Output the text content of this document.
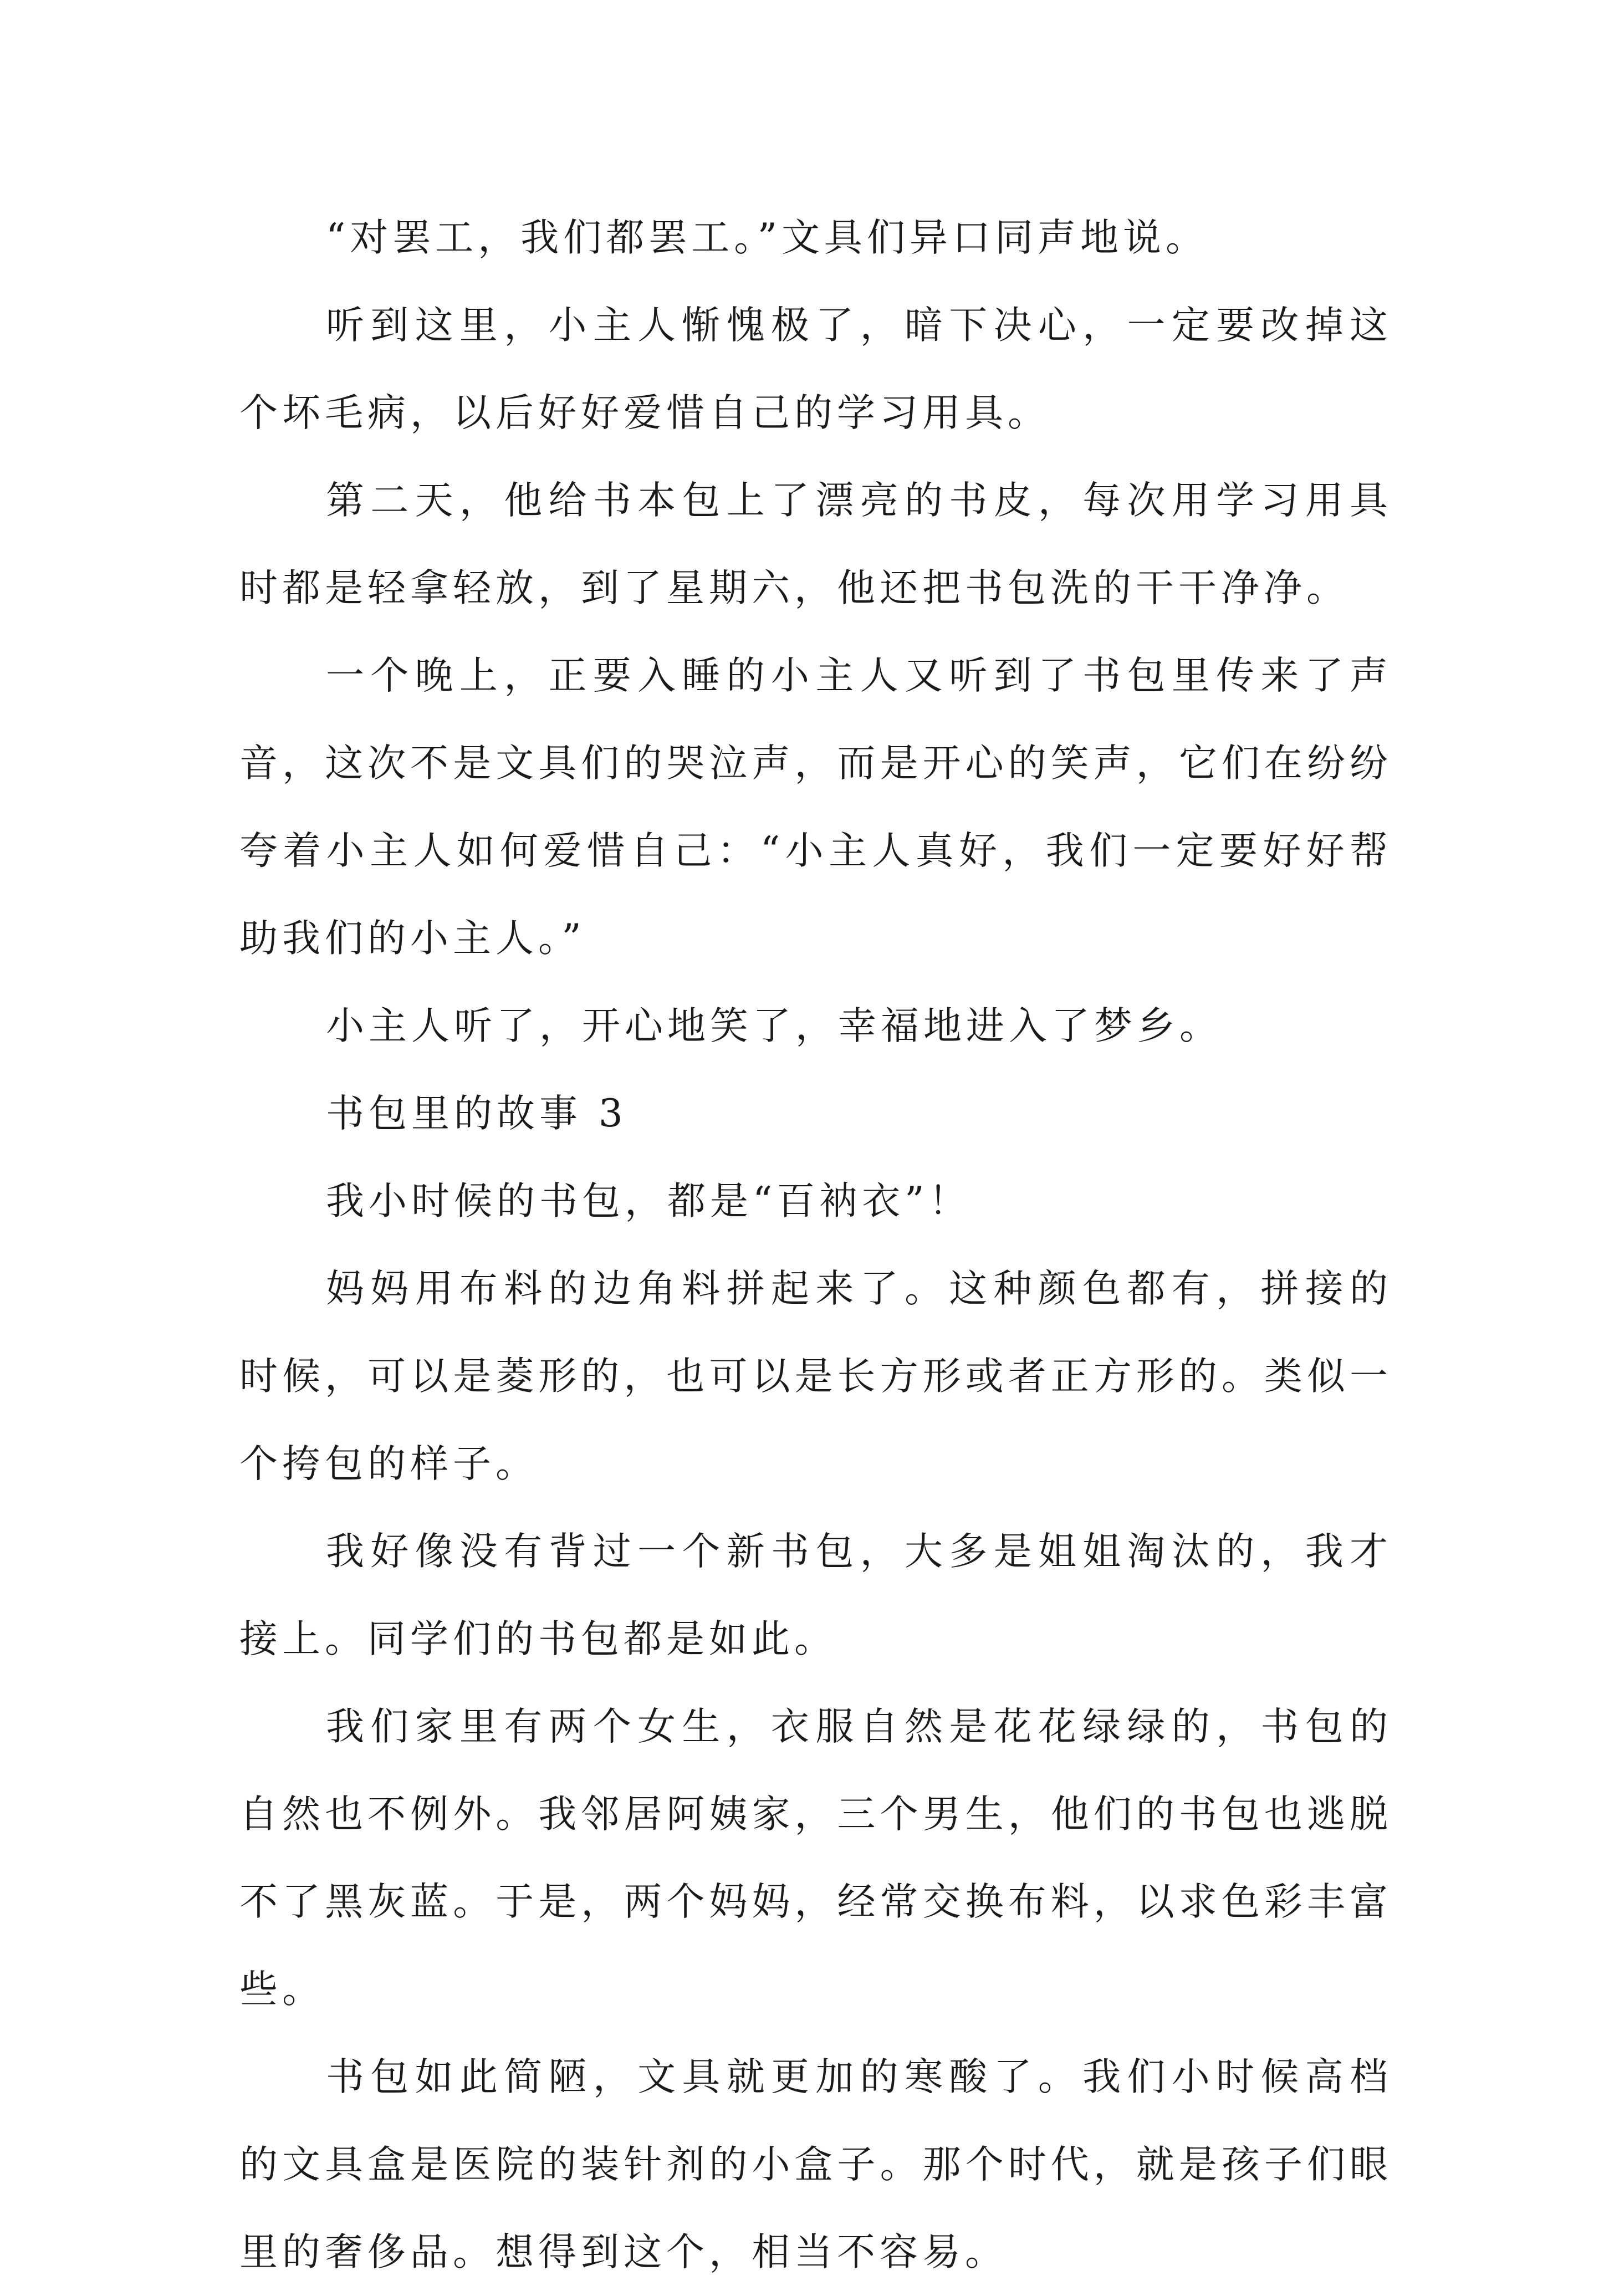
“对罢工，我们都罢工。”文具们异口同声地说。

听到这里，小主人惭愧极了，暗下决心，一定要改掉这个坏毛病，以后好好爱惜自己的学习用具。

第二天，他给书本包上了漂亮的书皮，每次用学习用具时都是轻拿轻放，到了星期六，他还把书包洗的干干净净。

一个晚上，正要入睡的小主人又听到了书包里传来了声音，这次不是文具们的哭泣声，而是开心的笑声，它们在纷纷夸着小主人如何爱惜自己：“小主人真好，我们一定要好好帮助我们的小主人。”

小主人听了，开心地笑了，幸福地进入了梦乡。

书包里的故事 3

我小时候的书包，都是“百衲衣”！

妈妈用布料的边角料拼起来了。这种颜色都有，拼接的时候，可以是菱形的，也可以是长方形或者正方形的。类似一个挎包的样子。

我好像没有背过一个新书包，大多是姐姐淘汰的，我才接上。同学们的书包都是如此。

我们家里有两个女生，衣服自然是花花绿绿的，书包的自然也不例外。我邻居阿姨家，三个男生，他们的书包也逃脱不了黑灰蓝。于是，两个妈妈，经常交换布料，以求色彩丰富些。

书包如此简陋，文具就更加的寒酸了。我们小时候高档的文具盒是医院的装针剂的小盒子。那个时代，就是孩子们眼里的奢侈品。想得到这个，相当不容易。
